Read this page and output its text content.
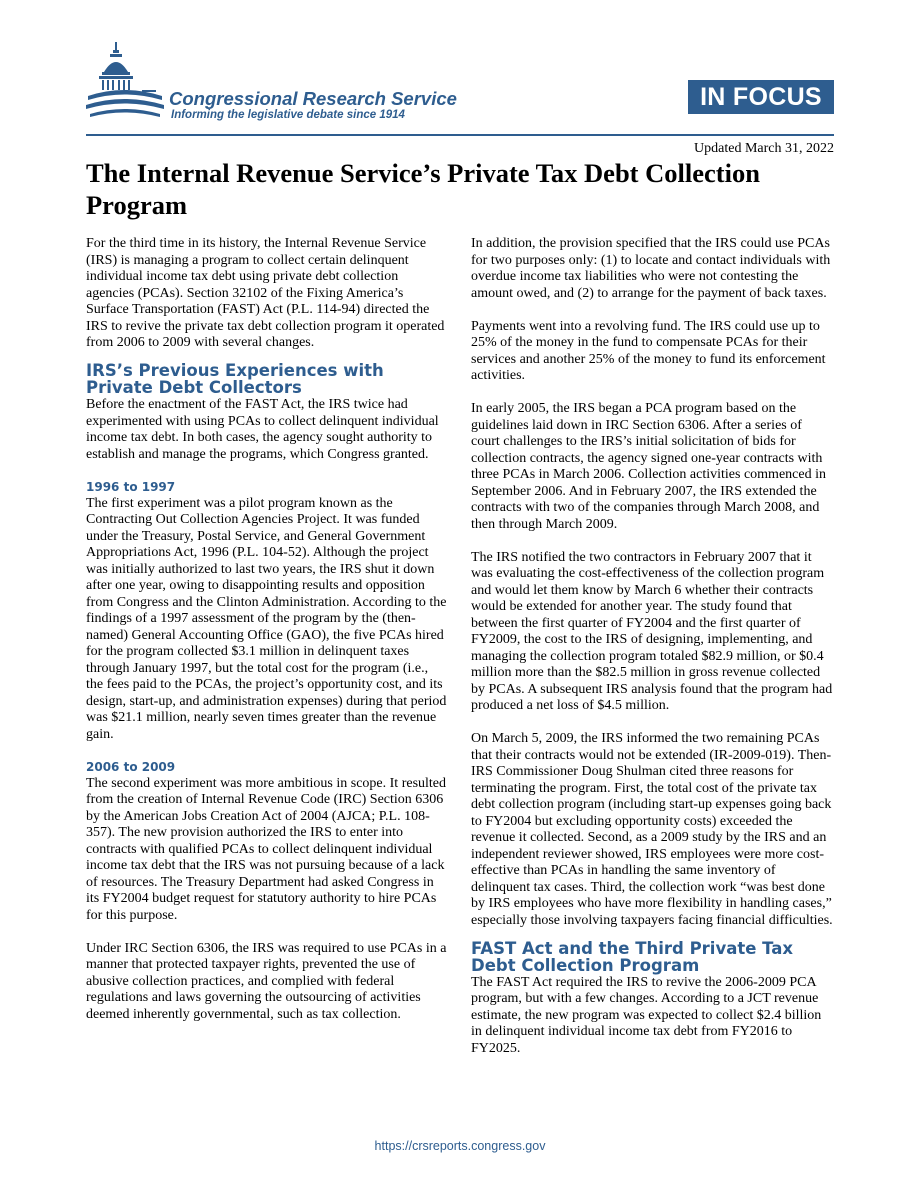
Congressional Research Service
Informing the legislative debate since 1914
IN FOCUS
Updated March 31, 2022
The Internal Revenue Service’s Private Tax Debt Collection Program

For the third time in its history, the Internal Revenue Service (IRS) is managing a program to collect certain delinquent individual income tax debt using private debt collection agencies (PCAs). Section 32102 of the Fixing America’s Surface Transportation (FAST) Act (P.L. 114-94) directed the IRS to revive the private tax debt collection program it operated from 2006 to 2009 with several changes.

IRS’s Previous Experiences with Private Debt Collectors

Before the enactment of the FAST Act, the IRS twice had experimented with using PCAs to collect delinquent individual income tax debt. In both cases, the agency sought authority to establish and manage the programs, which Congress granted.

1996 to 1997

The first experiment was a pilot program known as the Contracting Out Collection Agencies Project. It was funded under the Treasury, Postal Service, and General Government Appropriations Act, 1996 (P.L. 104-52). Although the project was initially authorized to last two years, the IRS shut it down after one year, owing to disappointing results and opposition from Congress and the Clinton Administration. According to the findings of a 1997 assessment of the program by the (then-named) General Accounting Office (GAO), the five PCAs hired for the program collected $3.1 million in delinquent taxes through January 1997, but the total cost for the program (i.e., the fees paid to the PCAs, the project’s opportunity cost, and its design, start-up, and administration expenses) during that period was $21.1 million, nearly seven times greater than the revenue gain.

2006 to 2009

The second experiment was more ambitious in scope. It resulted from the creation of Internal Revenue Code (IRC) Section 6306 by the American Jobs Creation Act of 2004 (AJCA; P.L. 108-357). The new provision authorized the IRS to enter into contracts with qualified PCAs to collect delinquent individual income tax debt that the IRS was not pursuing because of a lack of resources. The Treasury Department had asked Congress in its FY2004 budget request for statutory authority to hire PCAs for this purpose.

Under IRC Section 6306, the IRS was required to use PCAs in a manner that protected taxpayer rights, prevented the use of abusive collection practices, and complied with federal regulations and laws governing the outsourcing of activities deemed inherently governmental, such as tax collection.

In addition, the provision specified that the IRS could use PCAs for two purposes only: (1) to locate and contact individuals with overdue income tax liabilities who were not contesting the amount owed, and (2) to arrange for the payment of back taxes.

Payments went into a revolving fund. The IRS could use up to 25% of the money in the fund to compensate PCAs for their services and another 25% of the money to fund its enforcement activities.

In early 2005, the IRS began a PCA program based on the guidelines laid down in IRC Section 6306. After a series of court challenges to the IRS’s initial solicitation of bids for collection contracts, the agency signed one-year contracts with three PCAs in March 2006. Collection activities commenced in September 2006. And in February 2007, the IRS extended the contracts with two of the companies through March 2008, and then through March 2009.

The IRS notified the two contractors in February 2007 that it was evaluating the cost-effectiveness of the collection program and would let them know by March 6 whether their contracts would be extended for another year. The study found that between the first quarter of FY2004 and the first quarter of FY2009, the cost to the IRS of designing, implementing, and managing the collection program totaled $82.9 million, or $0.4 million more than the $82.5 million in gross revenue collected by PCAs. A subsequent IRS analysis found that the program had produced a net loss of $4.5 million.

On March 5, 2009, the IRS informed the two remaining PCAs that their contracts would not be extended (IR-2009-019). Then-IRS Commissioner Doug Shulman cited three reasons for terminating the program. First, the total cost of the private tax debt collection program (including start-up expenses going back to FY2004 but excluding opportunity costs) exceeded the revenue it collected. Second, as a 2009 study by the IRS and an independent reviewer showed, IRS employees were more cost-effective than PCAs in handling the same inventory of delinquent tax cases. Third, the collection work “was best done by IRS employees who have more flexibility in handling cases,” especially those involving taxpayers facing financial difficulties.

FAST Act and the Third Private Tax Debt Collection Program

The FAST Act required the IRS to revive the 2006-2009 PCA program, but with a few changes. According to a JCT revenue estimate, the new program was expected to collect $2.4 billion in delinquent individual income tax debt from FY2016 to FY2025.

https://crsreports.congress.gov
